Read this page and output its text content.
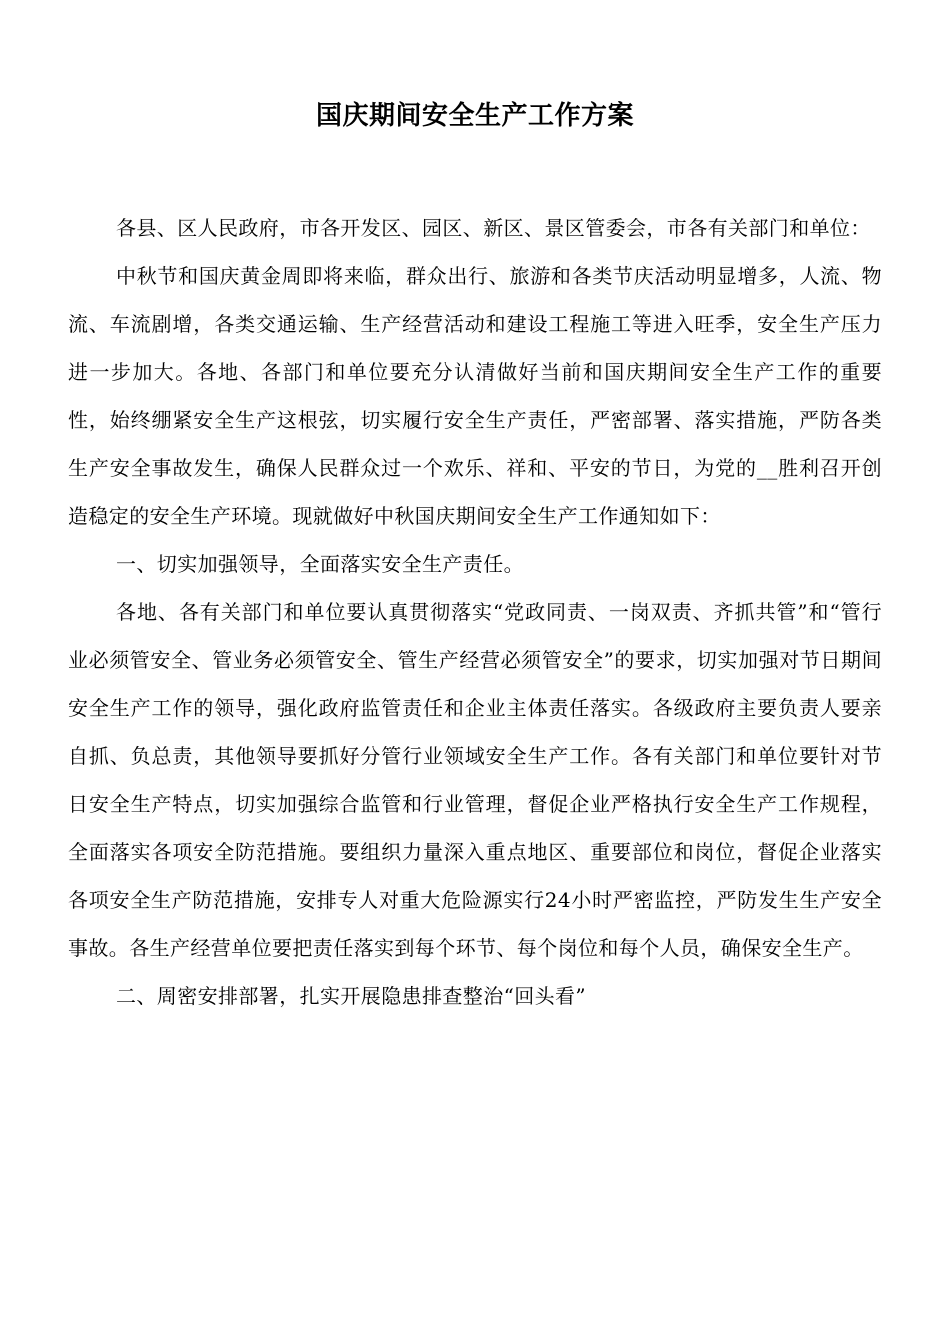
国庆期间安全生产工作方案

各县、区人民政府，市各开发区、园区、新区、景区管委会，市各有关部门和单位：

中秋节和国庆黄金周即将来临，群众出行、旅游和各类节庆活动明显增多，人流、物流、车流剧增，各类交通运输、生产经营活动和建设工程施工等进入旺季，安全生产压力进一步加大。各地、各部门和单位要充分认清做好当前和国庆期间安全生产工作的重要性，始终绷紧安全生产这根弦，切实履行安全生产责任，严密部署、落实措施，严防各类生产安全事故发生，确保人民群众过一个欢乐、祥和、平安的节日，为党的__胜利召开创造稳定的安全生产环境。现就做好中秋国庆期间安全生产工作通知如下：

一、切实加强领导，全面落实安全生产责任。

各地、各有关部门和单位要认真贯彻落实“党政同责、一岗双责、齐抓共管”和“管行业必须管安全、管业务必须管安全、管生产经营必须管安全”的要求，切实加强对节日期间安全生产工作的领导，强化政府监管责任和企业主体责任落实。各级政府主要负责人要亲自抓、负总责，其他领导要抓好分管行业领域安全生产工作。各有关部门和单位要针对节日安全生产特点，切实加强综合监管和行业管理，督促企业严格执行安全生产工作规程，全面落实各项安全防范措施。要组织力量深入重点地区、重要部位和岗位，督促企业落实各项安全生产防范措施，安排专人对重大危险源实行24小时严密监控，严防发生生产安全事故。各生产经营单位要把责任落实到每个环节、每个岗位和每个人员，确保安全生产。

二、周密安排部署，扎实开展隐患排查整治“回头看”
